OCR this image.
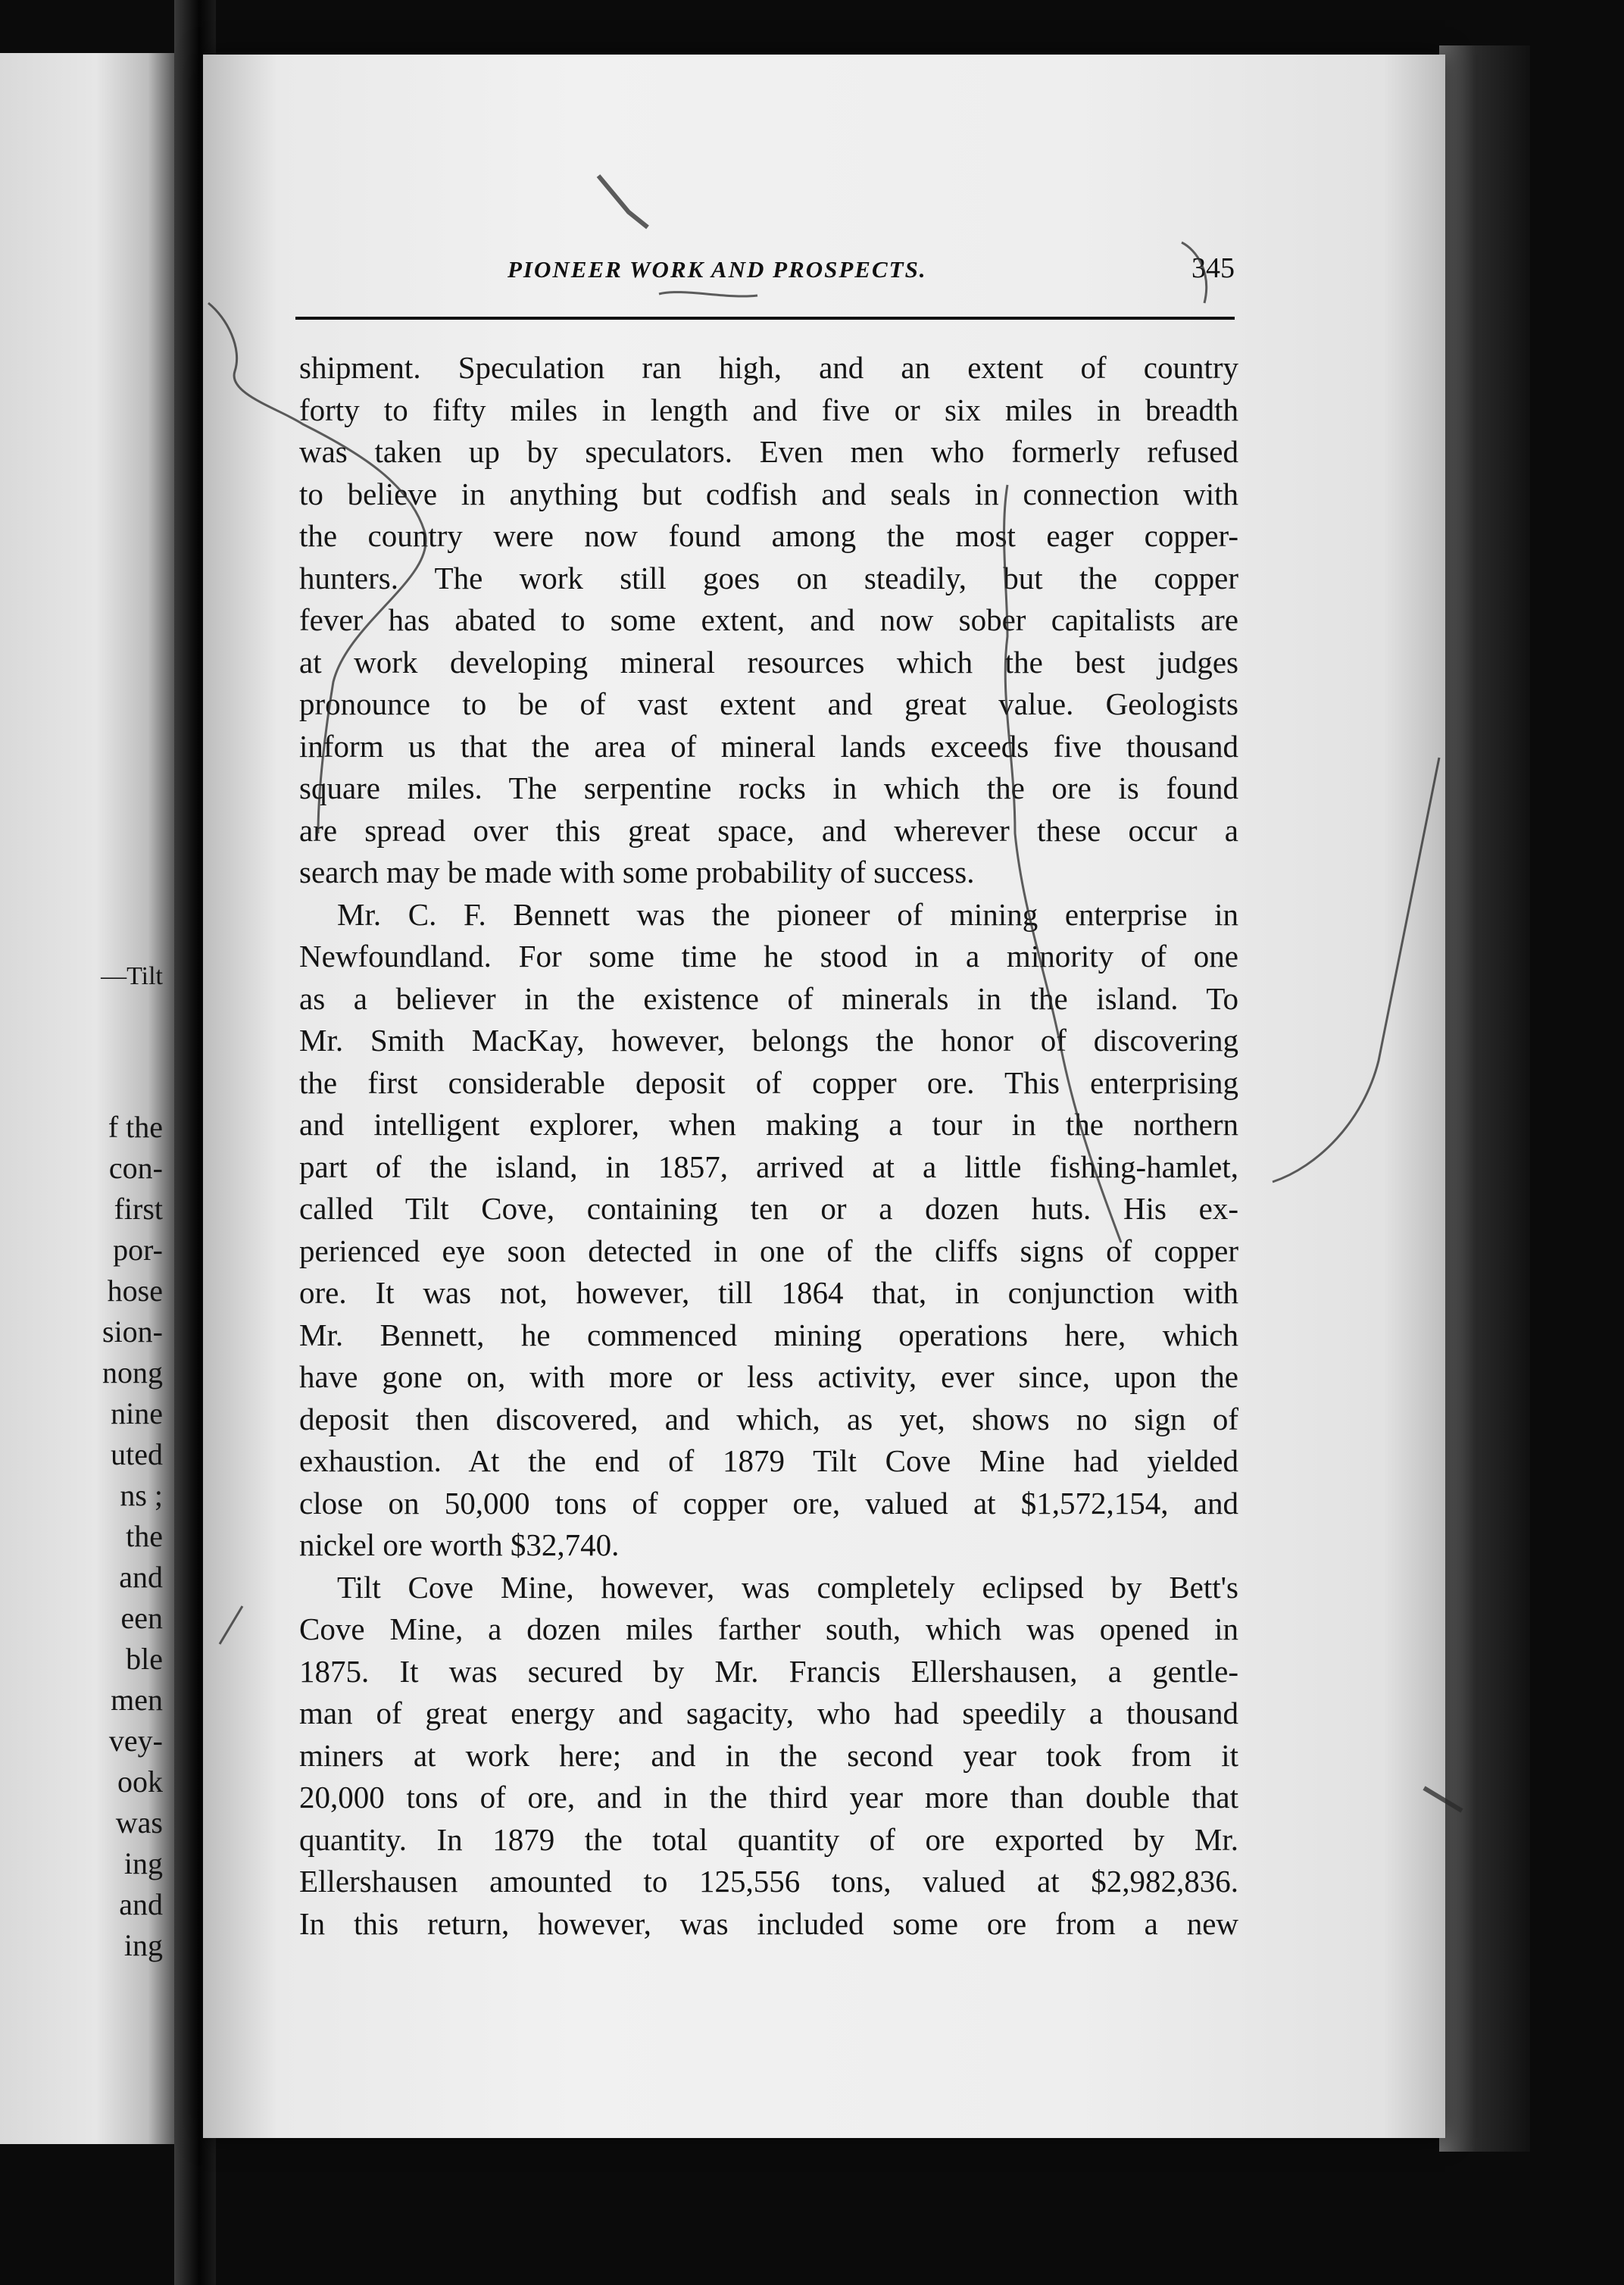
—Tilt
f the
con-
first
por-
hose
sion-
nong
nine
uted
ns ;
the
and
een
ble
men
vey-
ook
was
ing
and
ing
PIONEER WORK AND PROSPECTS.	345
shipment. Speculation ran high, and an extent of country
forty to fifty miles in length and five or six miles in breadth
was taken up by speculators. Even men who formerly refused
to believe in anything but codfish and seals in connection with
the country were now found among the most eager copper-
hunters. The work still goes on steadily, but the copper
fever has abated to some extent, and now sober capitalists are
at work developing mineral resources which the best judges
pronounce to be of vast extent and great value. Geologists
inform us that the area of mineral lands exceeds five thousand
square miles. The serpentine rocks in which the ore is found
are spread over this great space, and wherever these occur a
search may be made with some probability of success.
Mr. C. F. Bennett was the pioneer of mining enterprise in
Newfoundland. For some time he stood in a minority of one
as a believer in the existence of minerals in the island. To
Mr. Smith MacKay, however, belongs the honor of discovering
the first considerable deposit of copper ore. This enterprising
and intelligent explorer, when making a tour in the northern
part of the island, in 1857, arrived at a little fishing-hamlet,
called Tilt Cove, containing ten or a dozen huts. His ex-
perienced eye soon detected in one of the cliffs signs of copper
ore. It was not, however, till 1864 that, in conjunction with
Mr. Bennett, he commenced mining operations here, which
have gone on, with more or less activity, ever since, upon the
deposit then discovered, and which, as yet, shows no sign of
exhaustion. At the end of 1879 Tilt Cove Mine had yielded
close on 50,000 tons of copper ore, valued at $1,572,154, and
nickel ore worth $32,740.
Tilt Cove Mine, however, was completely eclipsed by Bett's
Cove Mine, a dozen miles farther south, which was opened in
1875. It was secured by Mr. Francis Ellershausen, a gentle-
man of great energy and sagacity, who had speedily a thousand
miners at work here; and in the second year took from it
20,000 tons of ore, and in the third year more than double that
quantity. In 1879 the total quantity of ore exported by Mr.
Ellershausen amounted to 125,556 tons, valued at $2,982,836.
In this return, however, was included some ore from a new
